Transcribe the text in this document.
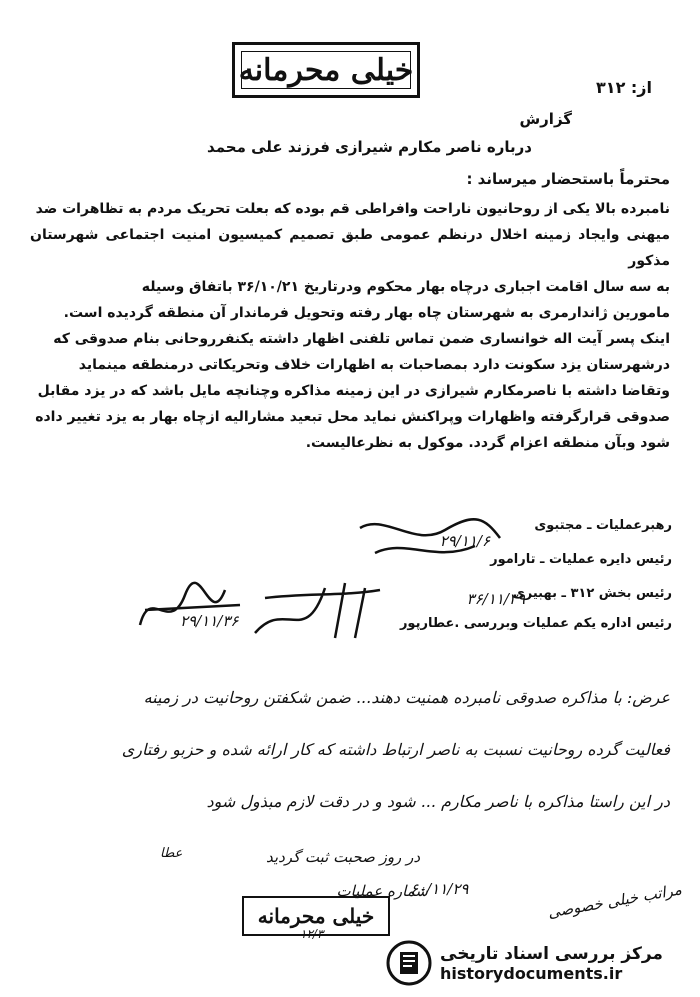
خیلی محرمانه	از: ۳۱۲
گزارش
درباره ناصر مکارم شیرازی فرزند علی محمد
محترماً باستحضار میرساند :

نامبرده بالا یکی از روحانیون ناراحت وافراطی قم بوده که بعلت تحریک مردم به تظاهرات ضد

میهنی وایجاد زمینه اخلال درنظم عمومی طبق تصمیم کمیسیون امنیت اجتماعی شهرستان مذکور

به سه سال اقامت اجباری درچاه بهار محکوم ودرتاریخ ۳۶/۱۰/۲۱ باتفاق وسیله

مامورین ژاندارمری به شهرستان چاه بهار رفته وتحویل فرماندار آن منطقه گردیده است.

اینک پسر آیت اله خوانساری ضمن تماس تلفنی اظهار داشته یکنفرروحانی بنام صدوقی که

درشهرستان یزد سکونت دارد بمصاحبات به اظهارات خلاف وتحریکاتی درمنطقه مینماید

وتقاضا داشته با ناصرمکارم شیرازی در این زمینه مذاکره وچنانچه مایل باشد که در یزد مقابل

صدوقی قرارگرفته واظهارات وپراکنش نماید محل تبعید مشارالیه ازچاه بهار به یزد تغییر داده

شود وبآن منطقه اعزام گردد. موکول به نظرعالیست.

رهبرعملیات ـ مجتبوی
رئیس دایره عملیات ـ تارامور
رئیس بخش ۳۱۲ ـ بهبیری
رئیس اداره یکم عملیات وبررسی .عطارپور
۲۹/۱۱/۶
۳۶/۱۱/۲۹
۲۹/۱۱/۳۶
۶۰/۱۱/۲۹
۱۲/۳

عرض: با مذاکره صدوقی نامبرده همنیت دهند... ضمن شکفتن روحانیت در زمینه

فعالیت گرده روحانیت نسبت به ناصر ارتباط داشته که کار ارائه شده و حزبو رفتاری

در این راستا مذاکره با ناصر مکارم ... شود و در دقت لازم مبذول شود

در روز صحبت ثبت گردید
شماره عملیات	مراتب خیلی خصوصی
عطا
خیلی محرمانه
مرکز بررسی اسناد تاریخی
historydocuments.ir
